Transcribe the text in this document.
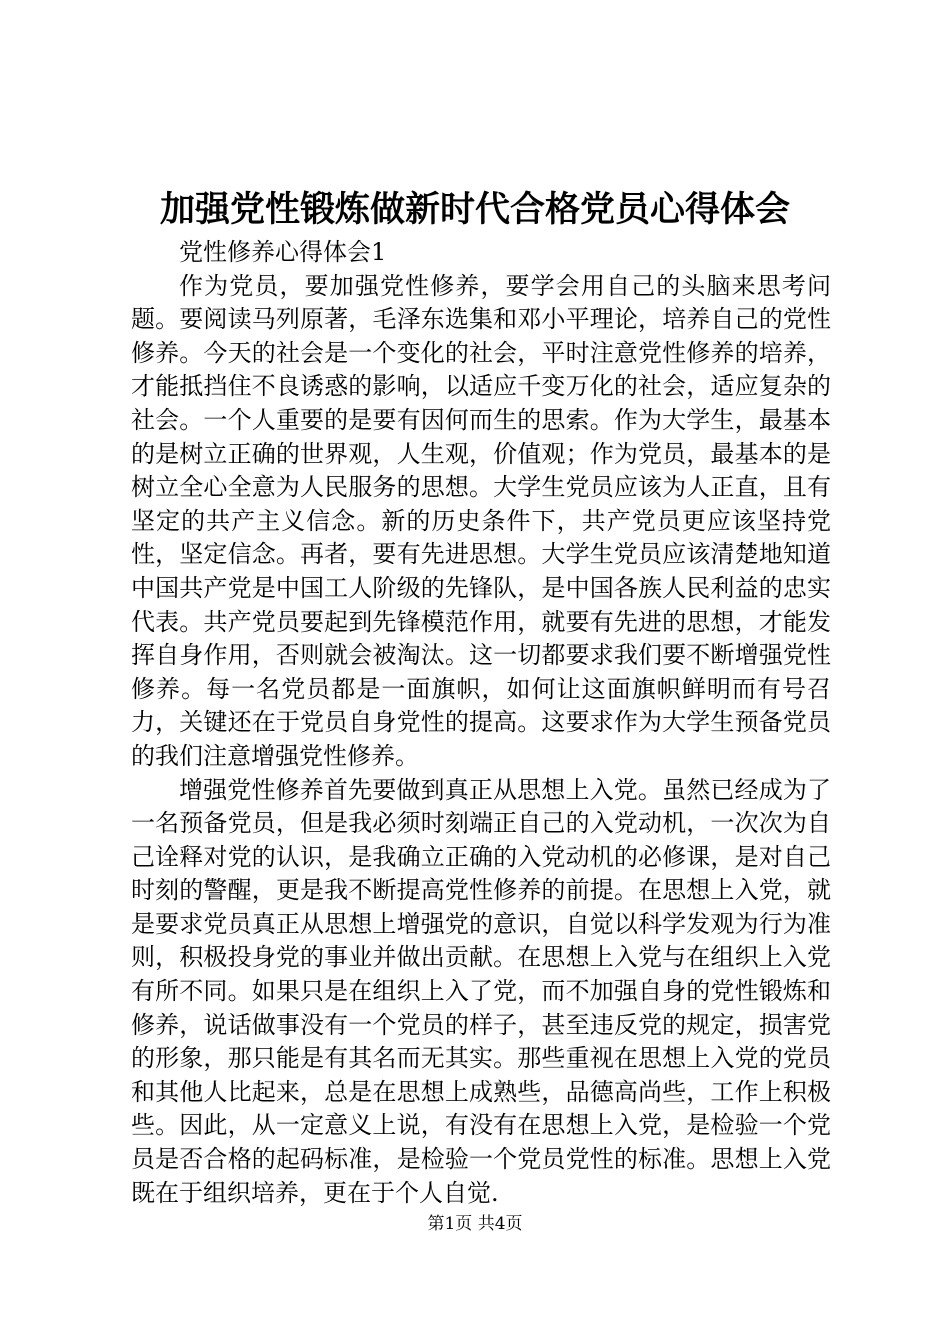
加强党性锻炼做新时代合格党员心得体会

党性修养心得体会1

作为党员，要加强党性修养，要学会用自己的头脑来思考问题。要阅读马列原著，毛泽东选集和邓小平理论，培养自己的党性修养。今天的社会是一个变化的社会，平时注意党性修养的培养，才能抵挡住不良诱惑的影响，以适应千变万化的社会，适应复杂的社会。一个人重要的是要有因何而生的思索。作为大学生，最基本的是树立正确的世界观，人生观，价值观；作为党员，最基本的是树立全心全意为人民服务的思想。大学生党员应该为人正直，且有坚定的共产主义信念。新的历史条件下，共产党员更应该坚持党性，坚定信念。再者，要有先进思想。大学生党员应该清楚地知道中国共产党是中国工人阶级的先锋队，是中国各族人民利益的忠实代表。共产党员要起到先锋模范作用，就要有先进的思想，才能发挥自身作用，否则就会被淘汰。这一切都要求我们要不断增强党性修养。每一名党员都是一面旗帜，如何让这面旗帜鲜明而有号召力，关键还在于党员自身党性的提高。这要求作为大学生预备党员的我们注意增强党性修养。

增强党性修养首先要做到真正从思想上入党。虽然已经成为了一名预备党员，但是我必须时刻端正自己的入党动机，一次次为自己诠释对党的认识，是我确立正确的入党动机的必修课，是对自己时刻的警醒，更是我不断提高党性修养的前提。在思想上入党，就是要求党员真正从思想上增强党的意识，自觉以科学发观为行为准则，积极投身党的事业并做出贡献。在思想上入党与在组织上入党有所不同。如果只是在组织上入了党，而不加强自身的党性锻炼和修养，说话做事没有一个党员的样子，甚至违反党的规定，损害党的形象，那只能是有其名而无其实。那些重视在思想上入党的党员和其他人比起来，总是在思想上成熟些，品德高尚些，工作上积极些。因此，从一定意义上说，有没有在思想上入党，是检验一个党员是否合格的起码标准，是检验一个党员党性的标准。思想上入党既在于组织培养，更在于个人自觉.

第1页 共4页
